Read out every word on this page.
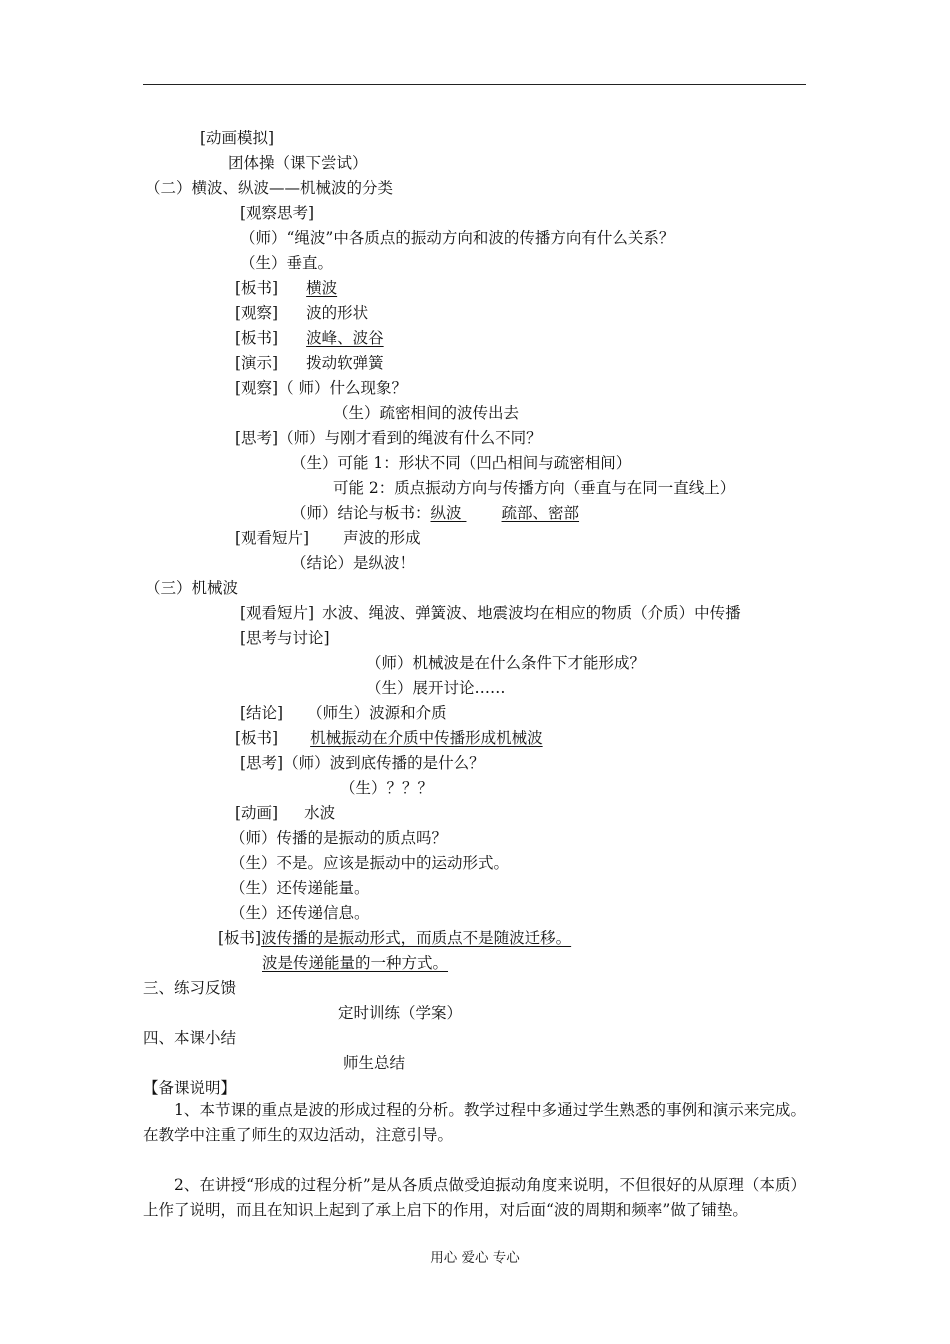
[动画模拟]
团体操（课下尝试）
（二）横波、纵波——机械波的分类
[观察思考]
（师）“绳波”中各质点的振动方向和波的传播方向有什么关系？
（生）垂直。
[板书] 横波
[观察] 波的形状
[板书] 波峰、波谷
[演示] 拨动软弹簧
[观察]（ 师）什么现象？
（生）疏密相间的波传出去
[思考]（师）与刚才看到的绳波有什么不同？
（生）可能 1：形状不同（凹凸相间与疏密相间）
可能 2：质点振动方向与传播方向（垂直与在同一直线上）
（师）结论与板书：纵波	疏部、密部
[观看短片] 声波的形成
（结论）是纵波！
（三）机械波
[观看短片] 水波、绳波、弹簧波、地震波均在相应的物质（介质）中传播
[思考与讨论]
（师）机械波是在什么条件下才能形成？
（生）展开讨论……
[结论] （师生）波源和介质
[板书] 机械振动在介质中传播形成机械波
[思考]（师）波到底传播的是什么？
（生）？？？
[动画] 水波
（师）传播的是振动的质点吗？
（生）不是。应该是振动中的运动形式。
（生）还传递能量。
（生）还传递信息。
[板书]波传播的是振动形式，而质点不是随波迁移。
波是传递能量的一种方式。
三、练习反馈
定时训练（学案）
四、本课小结
师生总结
【备课说明】
1、本节课的重点是波的形成过程的分析。教学过程中多通过学生熟悉的事例和演示来完成。在教学中注重了师生的双边活动，注意引导。
2、在讲授“形成的过程分析”是从各质点做受迫振动角度来说明，不但很好的从原理（本质）上作了说明，而且在知识上起到了承上启下的作用，对后面“波的周期和频率”做了铺垫。
用心 爱心 专心
